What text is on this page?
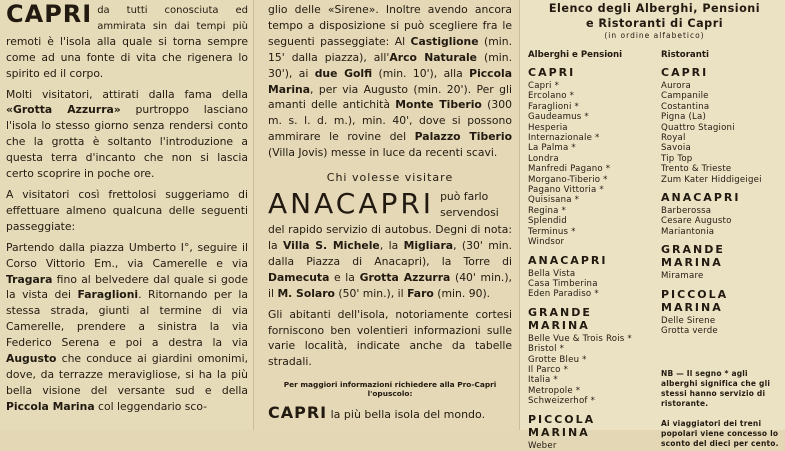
CAPRI da tutti conosciuta ed ammirata sin dai tempi più remoti è l'isola alla quale si torna sempre come ad una fonte di vita che rigenera lo spirito ed il corpo.

Molti visitatori, attirati dalla fama della «Grotta Azzurra» purtroppo lasciano l'isola lo stesso giorno senza rendersi conto che la grotta è soltanto l'introduzione a questa terra d'incanto che non si lascia certo scoprire in poche ore.

A visitatori così frettolosi suggeriamo di effettuare almeno qualcuna delle seguenti passeggiate:

Partendo dalla piazza Umberto I°, seguire il Corso Vittorio Em., via Camerelle e via Tragara fino al belvedere dal quale si gode la vista dei Faraglioni. Ritornando per la stessa strada, giunti al termine di via Camerelle, prendere a sinistra la via Federico Serena e poi a destra la via Augusto che conduce ai giardini omonimi, dove, da terrazze meravigliose, si ha la più bella visione del versante sud e della Piccola Marina col leggendario sco-

glio delle «Sirene». Inoltre avendo ancora tempo a disposizione si può scegliere fra le seguenti passeggiate: Al Castiglione (min. 15' dalla piazza), all'Arco Naturale (min. 30'), ai due Golfi (min. 10'), alla Piccola Marina, per via Augusto (min. 20'). Per gli amanti delle antichità Monte Tiberio (300 m. s. l. d. m.), min. 40', dove si possono ammirare le rovine del Palazzo Tiberio (Villa Jovis) messe in luce da recenti scavi.

Chi volesse visitare
ANACAPRI può farlo servendosi

del rapido servizio di autobus. Degni di nota: la Villa S. Michele, la Migliara, (30' min. dalla Piazza di Anacapri), la Torre di Damecuta e la Grotta Azzurra (40' min.), il M. Solaro (50' min.), il Faro (min. 90).

Gli abitanti dell'isola, notoriamente cortesi forniscono ben volentieri informazioni sulle varie località, indicate anche da tabelle stradali.

Per maggiori informazioni richiedere alla Pro-Capri l'opuscolo:
CAPRI la più bella isola del mondo.
Elenco degli Alberghi, Pensioni
e Ristoranti di Capri
(in ordine alfabetico)
Alberghi e Pensioni
CAPRI
Capri *
Ercolano *
Faraglioni *
Gaudeamus *
Hesperia
Internazionale *
La Palma *
Londra
Manfredi Pagano *
Morgano-Tiberio *
Pagano Vittoria *
Quisisana *
Regina *
Splendid
Terminus *
Windsor
ANACAPRI
Bella Vista
Casa Timberina
Eden Paradiso *
GRANDE MARINA
Belle Vue & Trois Rois *
Bristol *
Grotte Bleu *
Il Parco *
Italia *
Metropole *
Schweizerhof *
PICCOLA MARINA
Weber
Ristoranti
CAPRI
Aurora
Campanile
Costantina
Pigna (La)
Quattro Stagioni
Royal
Savoia
Tip Top
Trento & Trieste
Zum Kater Hiddigeigei
ANACAPRI
Barberossa
Cesare Augusto
Mariantonia
GRANDE MARINA
Miramare
PICCOLA MARINA
Delle Sirene
Grotta verde
NB — Il segno * agli alberghi significa che gli stessi hanno servizio di ristorante.
Ai viaggiatori dei treni popolari viene concesso lo sconto del dieci per cento.
